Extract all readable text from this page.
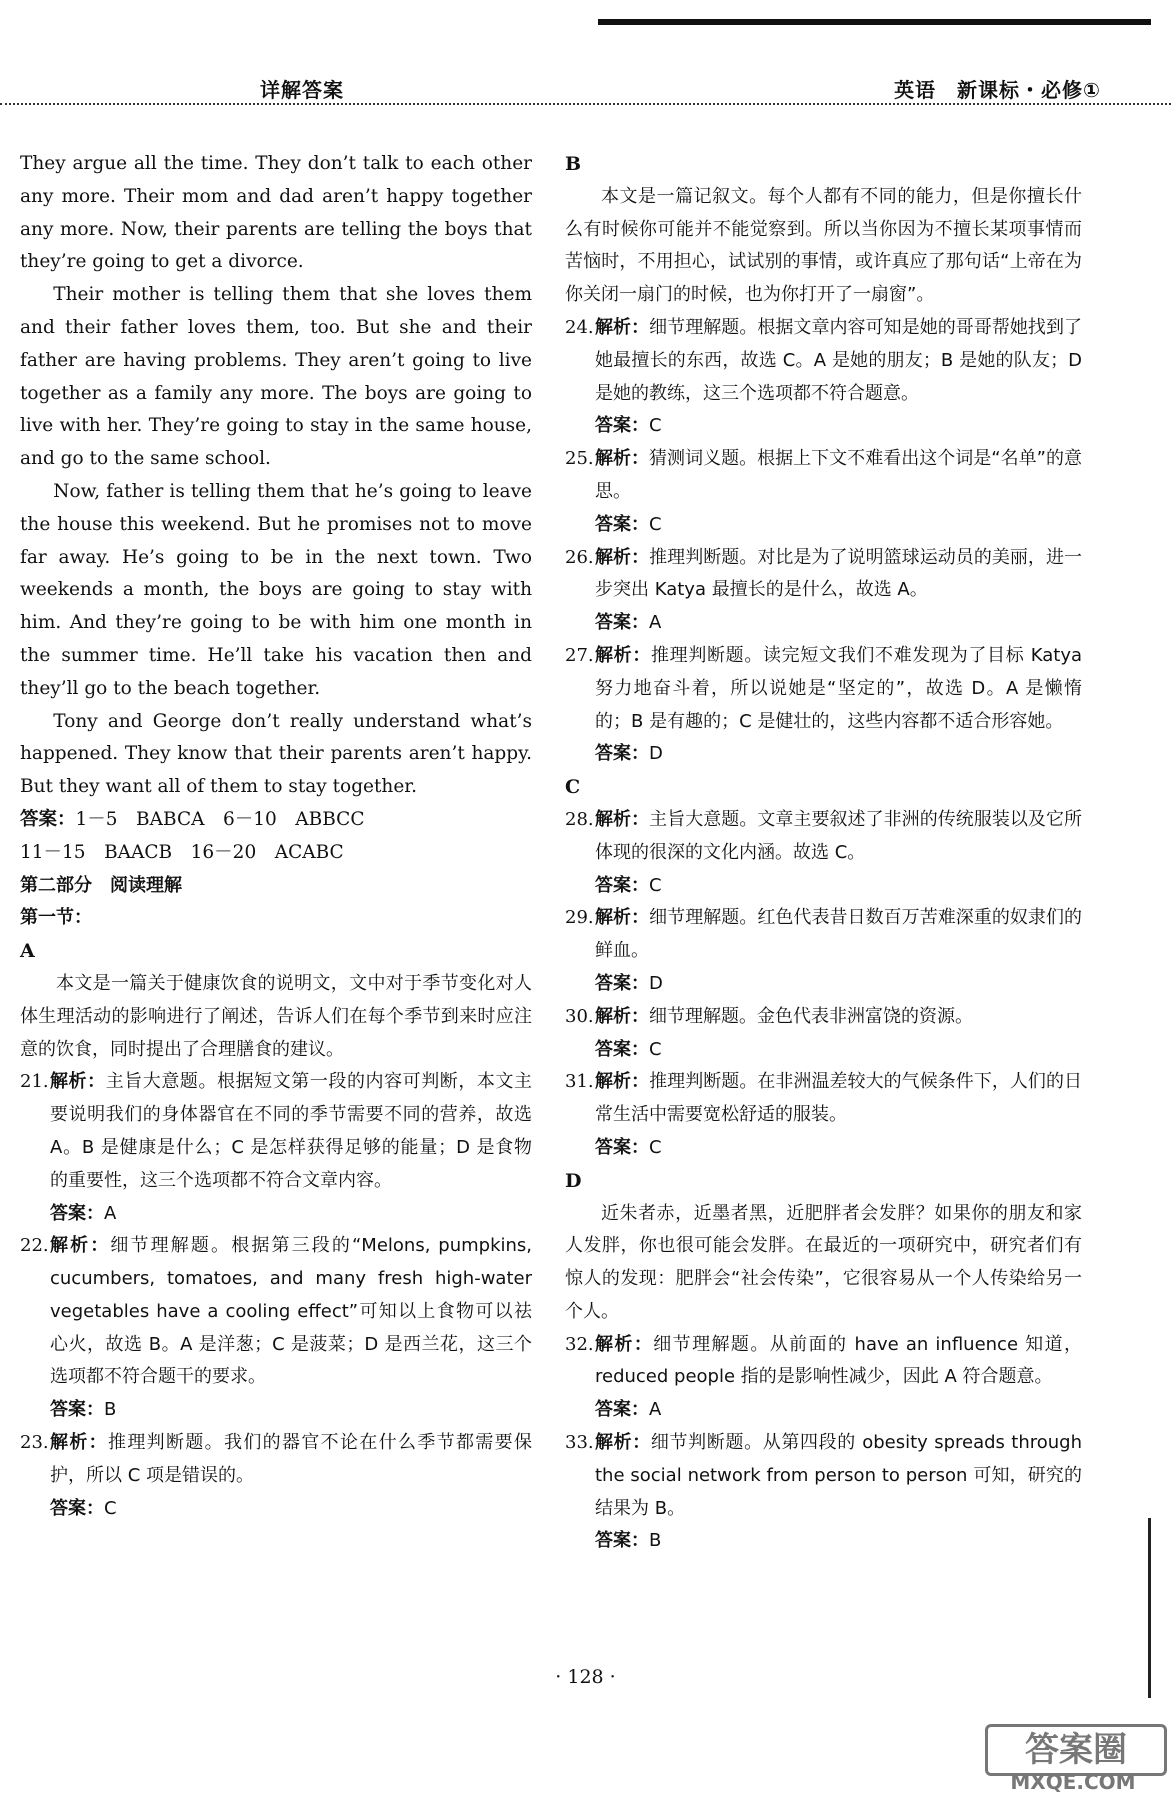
详解答案	英语　新课标・必修①

They argue all the time. They don’t talk to each other any more. Their mom and dad aren’t happy together any more. Now, their parents are telling the boys that they’re going to get a divorce.

Their mother is telling them that she loves them and their father loves them, too. But she and their father are having problems. They aren’t going to live together as a family any more. The boys are going to live with her. They’re going to stay in the same house, and go to the same school.

Now, father is telling them that he’s going to leave the house this weekend. But he promises not to move far away. He’s going to be in the next town. Two weekends a month, the boys are going to stay with him. And they’re going to be with him one month in the summer time. He’ll take his vacation then and they’ll go to the beach together.

Tony and George don’t really understand what’s happened. They know that their parents aren’t happy. But they want all of them to stay together.

答案：1－5　BABCA　6－10　ABBCC

11－15　BAACB　16－20　ACABC

第二部分　阅读理解

第一节：

A

本文是一篇关于健康饮食的说明文，文中对于季节变化对人体生理活动的影响进行了阐述，告诉人们在每个季节到来时应注意的饮食，同时提出了合理膳食的建议。

21. 解析：主旨大意题。根据短文第一段的内容可判断，本文主要说明我们的身体器官在不同的季节需要不同的营养，故选 A。B 是健康是什么；C 是怎样获得足够的能量；D 是食物的重要性，这三个选项都不符合文章内容。
答案：A
22. 解析：细节理解题。根据第三段的“Melons, pumpkins, cucumbers, tomatoes, and many fresh high-water vegetables have a cooling effect”可知以上食物可以祛心火，故选 B。A 是洋葱；C 是菠菜；D 是西兰花，这三个选项都不符合题干的要求。
答案：B
23. 解析：推理判断题。我们的器官不论在什么季节都需要保护，所以 C 项是错误的。
答案：C

B

本文是一篇记叙文。每个人都有不同的能力，但是你擅长什么有时候你可能并不能觉察到。所以当你因为不擅长某项事情而苦恼时，不用担心，试试别的事情，或许真应了那句话“上帝在为你关闭一扇门的时候，也为你打开了一扇窗”。

24. 解析：细节理解题。根据文章内容可知是她的哥哥帮她找到了她最擅长的东西，故选 C。A 是她的朋友；B 是她的队友；D 是她的教练，这三个选项都不符合题意。
答案：C
25. 解析：猜测词义题。根据上下文不难看出这个词是“名单”的意思。
答案：C
26. 解析：推理判断题。对比是为了说明篮球运动员的美丽，进一步突出 Katya 最擅长的是什么，故选 A。
答案：A
27. 解析：推理判断题。读完短文我们不难发现为了目标 Katya 努力地奋斗着，所以说她是“坚定的”，故选 D。A 是懒惰的；B 是有趣的；C 是健壮的，这些内容都不适合形容她。
答案：D

C

28. 解析：主旨大意题。文章主要叙述了非洲的传统服装以及它所体现的很深的文化内涵。故选 C。
答案：C
29. 解析：细节理解题。红色代表昔日数百万苦难深重的奴隶们的鲜血。
答案：D
30. 解析：细节理解题。金色代表非洲富饶的资源。
答案：C
31. 解析：推理判断题。在非洲温差较大的气候条件下，人们的日常生活中需要宽松舒适的服装。
答案：C

D

近朱者赤，近墨者黑，近肥胖者会发胖？如果你的朋友和家人发胖，你也很可能会发胖。在最近的一项研究中，研究者们有惊人的发现：肥胖会“社会传染”，它很容易从一个人传染给另一个人。

32. 解析：细节理解题。从前面的 have an influence 知道，reduced people 指的是影响性减少，因此 A 符合题意。
答案：A
33. 解析：细节判断题。从第四段的 obesity spreads through the social network from person to person 可知，研究的结果为 B。
答案：B
· 128 ·
答案圈
MXQE.COM
